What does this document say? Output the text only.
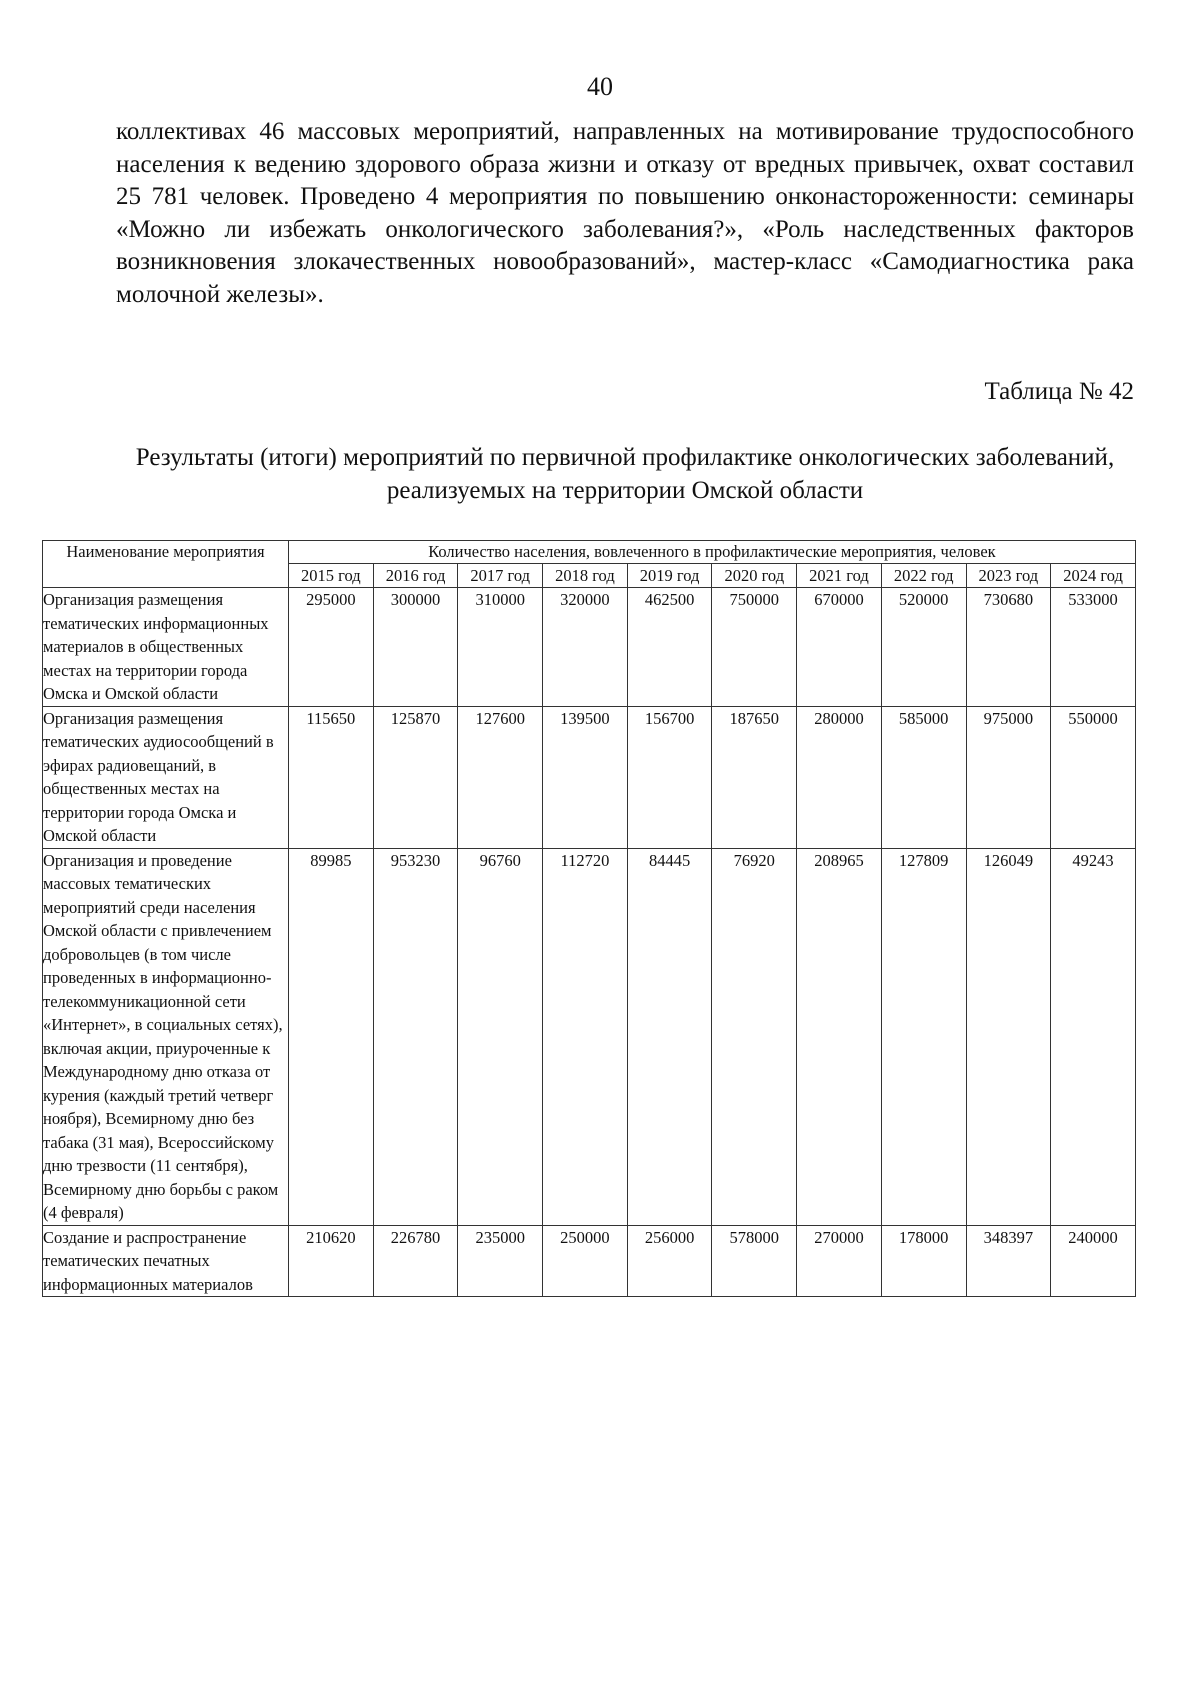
40

коллективах 46 массовых мероприятий, направленных на мотивирование трудоспособного населения к ведению здорового образа жизни и отказу от вредных привычек, охват составил 25 781 человек. Проведено 4 мероприятия по повышению онконастороженности: семинары «Можно ли избежать онкологического заболевания?», «Роль наследственных факторов возникновения злокачественных новообразований», мастер-класс «Самодиагностика рака молочной железы».

Таблица № 42
Результаты (итоги) мероприятий по первичной профилактике онкологических заболеваний, реализуемых на территории Омской области
Наименование мероприятия	Количество населения, вовлеченного в профилактические мероприятия, человек									
	2015 год	2016 год	2017 год	2018 год	2019 год	2020 год	2021 год	2022 год	2023 год	2024 год
Организация размещения тематических информационных материалов в общественных местах на территории города Омска и Омской области	295000	300000	310000	320000	462500	750000	670000	520000	730680	533000
Организация размещения тематических аудиосообщений в эфирах радиовещаний, в общественных местах на территории города Омска и Омской области	115650	125870	127600	139500	156700	187650	280000	585000	975000	550000
Организация и проведение массовых тематических мероприятий среди населения Омской области с привлечением добровольцев (в том числе проведенных в информационно-телекоммуникационной сети «Интернет», в социальных сетях), включая акции, приуроченные к Международному дню отказа от курения (каждый третий четверг ноября), Всемирному дню без табака (31 мая), Всероссийскому дню трезвости (11 сентября), Всемирному дню борьбы с раком (4 февраля)	89985	953230	96760	112720	84445	76920	208965	127809	126049	49243
Создание и распространение тематических печатных информационных материалов	210620	226780	235000	250000	256000	578000	270000	178000	348397	240000
